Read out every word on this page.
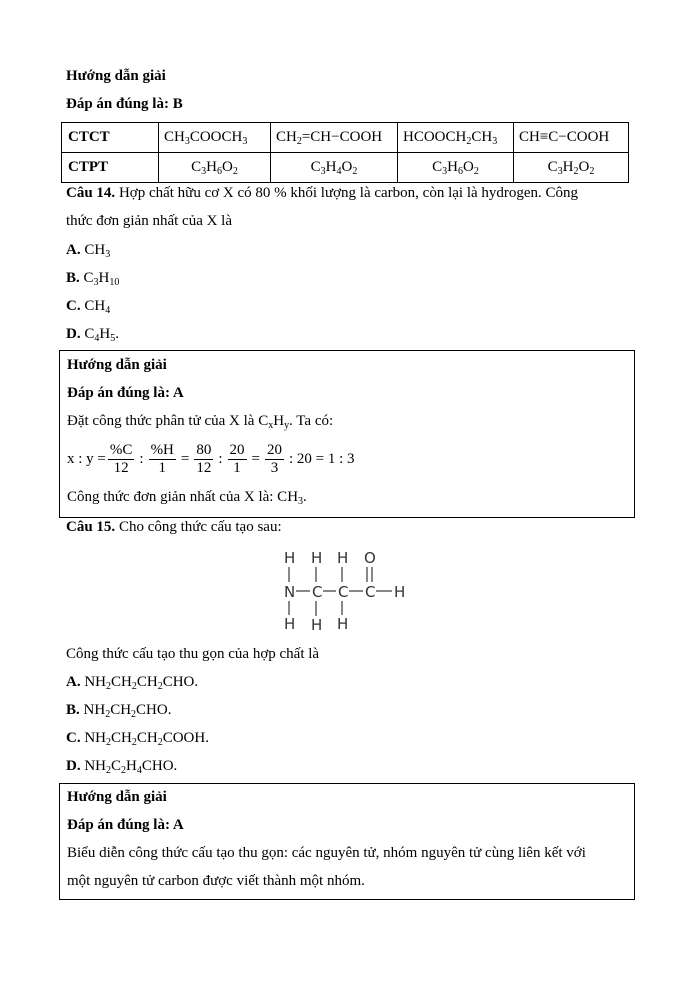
Hướng dẫn giải
Đáp án đúng là: B
CTCT	$CH_3COOCH_3$	$CH_2=CH-COOH$	$HCOOCH_2CH_3$	CH≡C−COOH
CTPT	$C_3H_6O_2$	$C_3H_4O_2$	$C_3H_6O_2$	$C_3H_2O_2$
Câu 14. Hợp chất hữu cơ X có 80 % khối lượng là carbon, còn lại là hydrogen. Công
thức đơn giản nhất của X là
A. $CH_3$
B. $C_3H_{10}$
C. $CH_4$
D. $C_4H_5$.
Hướng dẫn giải
Đáp án đúng là: A
Đặt công thức phân tử của X là $C_xH_y$. Ta có:
x : $y = \frac{\%C}{12}$ : $\frac{\%H}{1} = \frac{80}{12}$ : $\frac{20}{1} = \frac{20}{3}$ : 20 = 1 : 3
Công thức đơn giản nhất của X là: $CH_3$.
Câu 15. Cho công thức cấu tạo sau:
H H H O
N C C C H
H H H
Công thức cấu tạo thu gọn của hợp chất là
A. $NH_2CH_2CH_2CHO$.
B. $NH_2CH_2CHO$.
C. $NH_2CH_2CH_2COOH$.
D. $NH_2C_2H_4CHO$.
Hướng dẫn giải
Đáp án đúng là: A
Biểu diễn công thức cấu tạo thu gọn: các nguyên tử, nhóm nguyên tử cùng liên kết với
một nguyên tử carbon được viết thành một nhóm.
